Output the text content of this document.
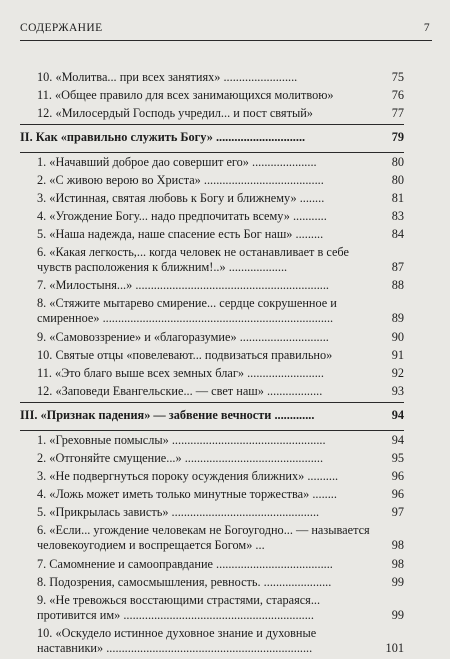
СОДЕРЖАНИЕ	7
10. «Молитва... при всех занятиях» ........................	75
11. «Общее правило для всех занимающихся молитвою»	76
12. «Милосердый Господь учредил... и пост святый»	77
II. Как «правильно служить Богу» .............................	79
1. «Начавший доброе дао совершит его» .....................	80
2. «С живою верою во Христа» .......................................	80
3. «Истинная, святая любовь к Богу и ближнему» ........	81
4. «Угождение Богу... надо предпочитать всему» ...........	83
5. «Наша надежда, наше спасение есть Бог наш» .........	84
6. «Какая легкость,... когда человек не останавливает в себе чувств расположения к ближним!..» ...................	87
7. «Милостыня...» ...............................................................	88
8. «Стяжите мытарево смирение... сердце сокрушенное и смиренное» ...........................................................................	89
9. «Самовоззрение» и «благоразумие» .............................	90
10. Святые отцы «повелевают... подвизаться правильно»	91
11. «Это благо выше всех земных благ» .........................	92
12. «Заповеди Евангельские... — свет наш» ..................	93
III. «Признак падения» — забвение вечности .............	94
1. «Греховные помыслы» ..................................................	94
2. «Отгоняйте смущение...» .............................................	95
3. «Не подвергнуться пороку осуждения ближних» ..........	96
4. «Ложь может иметь только минутные торжества» ........	96
5. «Прикрылась зависть» ................................................	97
6. «Если... угождение человекам не Богоугодно... — называется человекоугодием и воспрещается Богом» ...	98
7. Самомнение и самооправдание ......................................	98
8. Подозрения, самосмышления, ревность. ......................	99
9. «Не тревожься восстающими страстями, стараяся... противится им» ..............................................................	99
10. «Оскудело истинное духовное знание и духовные наставники» ...................................................................	101
